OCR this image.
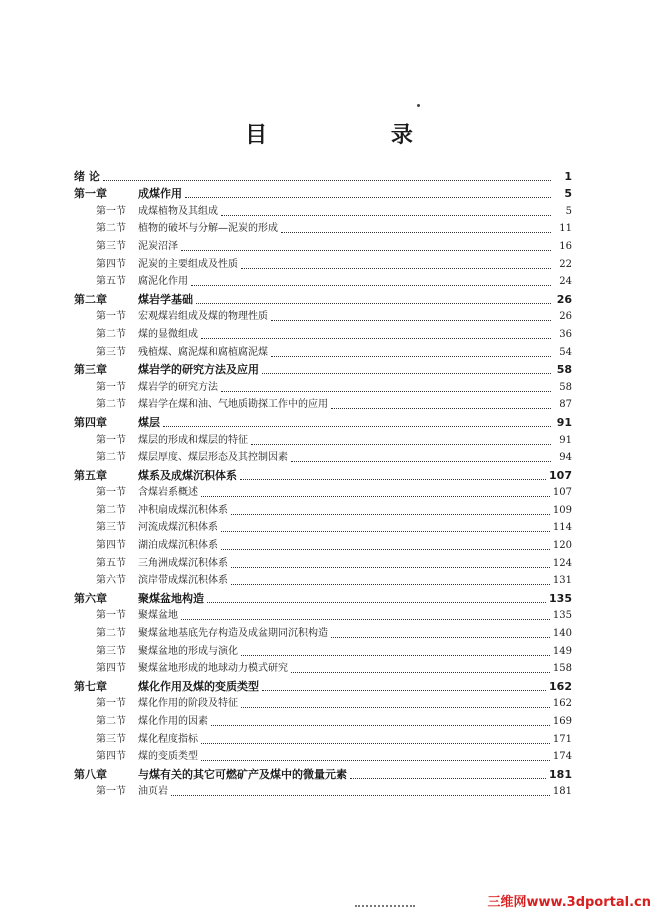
目 录
绪 论	1
第一章	成煤作用	5
第一节	成煤植物及其组成	5
第二节	植物的破坏与分解—泥炭的形成	11
第三节	泥炭沼泽	16
第四节	泥炭的主要组成及性质	22
第五节	腐泥化作用	24
第二章	煤岩学基础	26
第一节	宏观煤岩组成及煤的物理性质	26
第二节	煤的显微组成	36
第三节	残植煤、腐泥煤和腐植腐泥煤	54
第三章	煤岩学的研究方法及应用	58
第一节	煤岩学的研究方法	58
第二节	煤岩学在煤和油、气地质勘探工作中的应用	87
第四章	煤层	91
第一节	煤层的形成和煤层的特征	91
第二节	煤层厚度、煤层形态及其控制因素	94
第五章	煤系及成煤沉积体系	107
第一节	含煤岩系概述	107
第二节	冲积扇成煤沉积体系	109
第三节	河流成煤沉积体系	114
第四节	湖泊成煤沉积体系	120
第五节	三角洲成煤沉积体系	124
第六节	滨岸带成煤沉积体系	131
第六章	聚煤盆地构造	135
第一节	聚煤盆地	135
第二节	聚煤盆地基底先存构造及成盆期同沉积构造	140
第三节	聚煤盆地的形成与演化	149
第四节	聚煤盆地形成的地球动力模式研究	158
第七章	煤化作用及煤的变质类型	162
第一节	煤化作用的阶段及特征	162
第二节	煤化作用的因素	169
第三节	煤化程度指标	171
第四节	煤的变质类型	174
第八章	与煤有关的其它可燃矿产及煤中的微量元素	181
第一节	油页岩	181
三维网www.3dportal.cn
